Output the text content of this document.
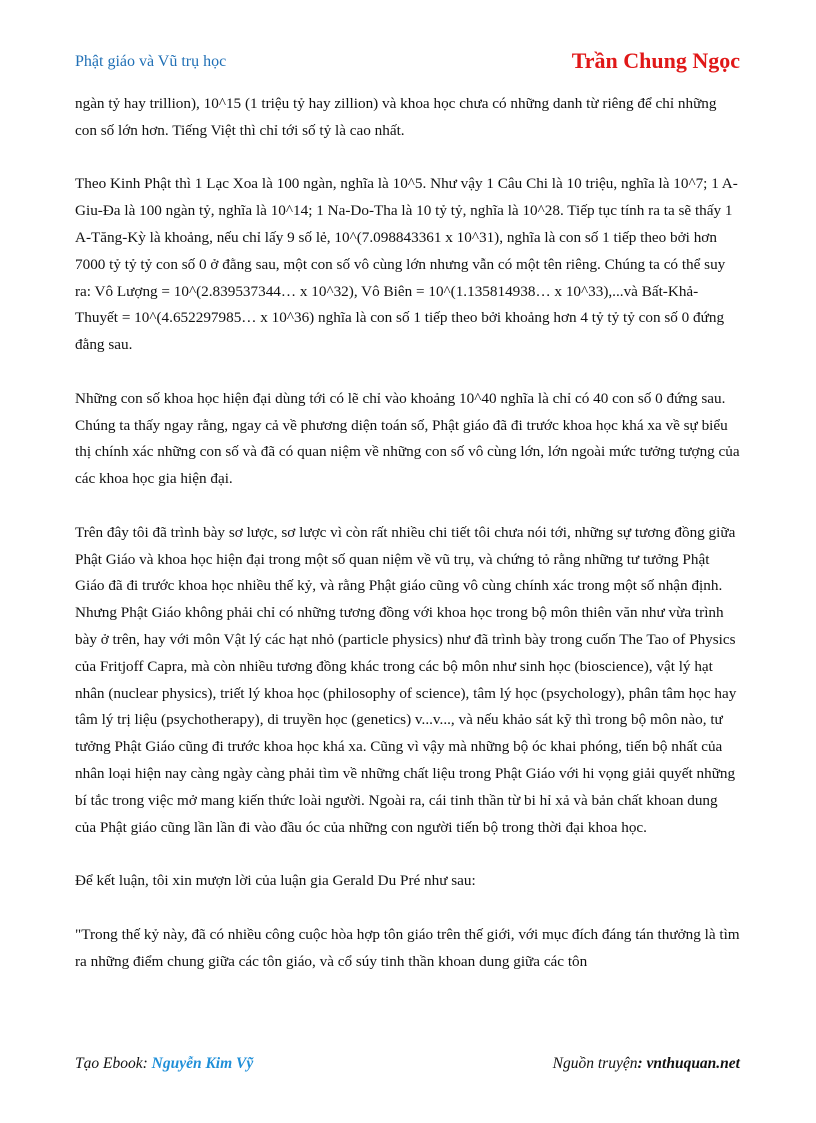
Phật giáo và Vũ trụ học	Trần Chung Ngọc

ngàn tỷ hay trillion), 10^15 (1 triệu tỷ hay zillion) và khoa học chưa có những danh từ riêng để chỉ những con số lớn hơn. Tiếng Việt thì chỉ tới số tỷ là cao nhất.

Theo Kinh Phật thì 1 Lạc Xoa là 100 ngàn, nghĩa là 10^5. Như vậy 1 Câu Chi là 10 triệu, nghĩa là 10^7; 1 A-Giu-Đa là 100 ngàn tỷ, nghĩa là 10^14; 1 Na-Do-Tha là 10 tỷ tỷ, nghĩa là 10^28. Tiếp tục tính ra ta sẽ thấy 1 A-Tăng-Kỳ là khoảng, nếu chỉ lấy 9 số lẻ, 10^(7.098843361 x 10^31), nghĩa là con số 1 tiếp theo bởi hơn 7000 tỷ tỷ tỷ con số 0 ở đằng sau, một con số vô cùng lớn nhưng vẫn có một tên riêng. Chúng ta có thể suy ra: Vô Lượng = 10^(2.839537344… x 10^32), Vô Biên = 10^(1.135814938… x 10^33),...và Bất-Khả-Thuyết = 10^(4.652297985… x 10^36) nghĩa là con số 1 tiếp theo bởi khoảng hơn 4 tỷ tỷ tỷ con số 0 đứng đằng sau.

Những con số khoa học hiện đại dùng tới có lẽ chỉ vào khoảng 10^40 nghĩa là chỉ có 40 con số 0 đứng sau. Chúng ta thấy ngay rằng, ngay cả về phương diện toán số, Phật giáo đã đi trước khoa học khá xa về sự biểu thị chính xác những con số và đã có quan niệm về những con số vô cùng lớn, lớn ngoài mức tưởng tượng của các khoa học gia hiện đại.

Trên đây tôi đã trình bày sơ lược, sơ lược vì còn rất nhiều chi tiết tôi chưa nói tới, những sự tương đồng giữa Phật Giáo và khoa học hiện đại trong một số quan niệm về vũ trụ, và chứng tỏ rằng những tư tưởng Phật Giáo đã đi trước khoa học nhiều thế kỷ, và rằng Phật giáo cũng vô cùng chính xác trong một số nhận định. Nhưng Phật Giáo không phải chỉ có những tương đồng với khoa học trong bộ môn thiên văn như vừa trình bày ở trên, hay với môn Vật lý các hạt nhỏ (particle physics) như đã trình bày trong cuốn The Tao of Physics của Fritjoff Capra, mà còn nhiều tương đồng khác trong các bộ môn như sinh học (bioscience), vật lý hạt nhân (nuclear physics), triết lý khoa học (philosophy of science), tâm lý học (psychology), phân tâm học hay tâm lý trị liệu (psychotherapy), di truyền học (genetics) v...v..., và nếu khảo sát kỹ thì trong bộ môn nào, tư tưởng Phật Giáo cũng đi trước khoa học khá xa. Cũng vì vậy mà những bộ óc khai phóng, tiến bộ nhất của nhân loại hiện nay càng ngày càng phải tìm về những chất liệu trong Phật Giáo với hi vọng giải quyết những bí tắc trong việc mở mang kiến thức loài người. Ngoài ra, cái tinh thần từ bi hỉ xả và bản chất khoan dung của Phật giáo cũng lần lần đi vào đầu óc của những con người tiến bộ trong thời đại khoa học.

Để kết luận, tôi xin mượn lời của luận gia Gerald Du Pré như sau:

"Trong thế kỷ này, đã có nhiều công cuộc hòa hợp tôn giáo trên thế giới, với mục đích đáng tán thưởng là tìm ra những điểm chung giữa các tôn giáo, và cổ súy tinh thần khoan dung giữa các tôn

Tạo Ebook: Nguyễn Kim Vỹ	Nguồn truyện: vnthuquan.net
